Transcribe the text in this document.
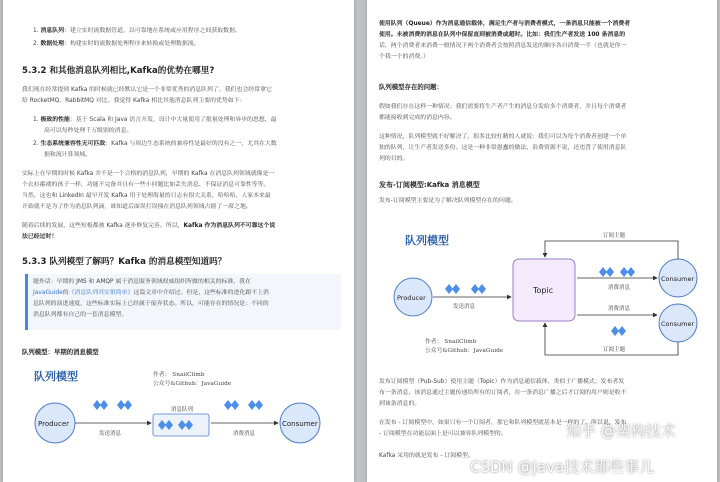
1. 消息队列：建立实时流数据管道，以可靠地在系统或应用程序之间获取数据。
2. 数据处理：构建实时的流数据处理程序来转换或处理数据流。
5.3.2 和其他消息队列相比,Kafka的优势在哪里?
我们现在经常提到 Kafka 的时候就已经默认它是一个非常优秀的消息队列了，我们也会经常拿它
给 RocketMQ、RabbitMQ 对比。我觉得 Kafka 相比其他消息队列主要的优势如下：
1. 极致的性能：基于 Scala 和 Java 语言开发，设计中大量使用了批量处理和异步的思想，最
高可以每秒处理千万级别的消息。
2. 生态系统兼容性无可匹敌：Kafka 与周边生态系统的兼容性是最好的没有之一，尤其在大数
据和流计算领域。
实际上在早期的时候 Kafka 并不是一个合格的消息队列，早期的 Kafka 在消息队列领域就像是一
个衣衫褴褛的孩子一样，功能不完备并且有一些小问题比如丢失消息、不保证消息可靠性等等。
当然，这也和 LinkedIn 最早开发 Kafka 用于处理海量的日志有很大关系，哈哈哈，人家本来最
开始就不是为了作为消息队列滴，谁知道后面误打误撞在消息队列领域占据了一席之地。
随着后续的发展，这些短板都被 Kafka 逐步修复完善。所以，Kafka 作为消息队列不可靠这个说
法已经过时！
5.3.3 队列模型了解吗？Kafka 的消息模型知道吗？
题外话：早期的 JMS 和 AMQP 属于消息服务领域权威组织所做的相关的标准，我在
JavaGuide的《消息队列其实很简单》这篇文章中介绍过。但是，这些标准的进化跟不上消
息队列的演进速度，这些标准实际上已经属于废弃状态。所以，可能存在的情况是：不同的
消息队列都有自己的一套消息模型。
队列模型：早期的消息模型
队列模型	作者： SnailClimb
公众号&Github：JavaGuide
Producer	Consumer
消息队列
发送消息	消费消息
使用队列（Queue）作为消息通信载体，满足生产者与消费者模式，一条消息只能被一个消费者
使用。未被消费的消息在队列中保留直到被消费或超时。比如：我们生产者发送 100 条消息的
话，两个消费者来消费一般情况下两个消费者会按照消息发送的顺序各自消费一半（也就是你一
个我一个的消费。）
队列模型存在的问题：
假如我们存在这样一种情况：我们需要将生产者产生的消息分发给多个消费者，并且每个消费者
都能接收到完成的消息内容。
这种情况，队列模型就不好解决了。很多比较杠精的人就说：我们可以为每个消费者创建一个单
独的队列，让生产者发送多份。这是一种非常愚蠢的做法，浪费资源不说，还违背了使用消息队
列的目的。
发布-订阅模型:Kafka 消息模型
发布-订阅模型主要是为了解决队列模型存在的问题。
队列模型
Topic
Producer
Consumer
Consumer
订阅主题
发送消息
消费消息
消费消息
订阅主题
作者： SnailClimb
公众号&Github：JavaGuide
发布订阅模型（Pub-Sub）使用主题（Topic）作为消息通信载体，类似于广播模式；发布者发
布一条消息，该消息通过主题传递给所有的订阅者，在一条消息广播之后才订阅的用户则是收不
到该条消息的。
在发布 - 订阅模型中，如果只有一个订阅者，那它和队列模型就基本是一样的了。所以说，发布
- 订阅模型在功能层面上是可以兼容队列模型的。
Kafka 采用的就是发布 - 订阅模型。
知乎 @架构技术
CSDN @Java技术那些事儿
